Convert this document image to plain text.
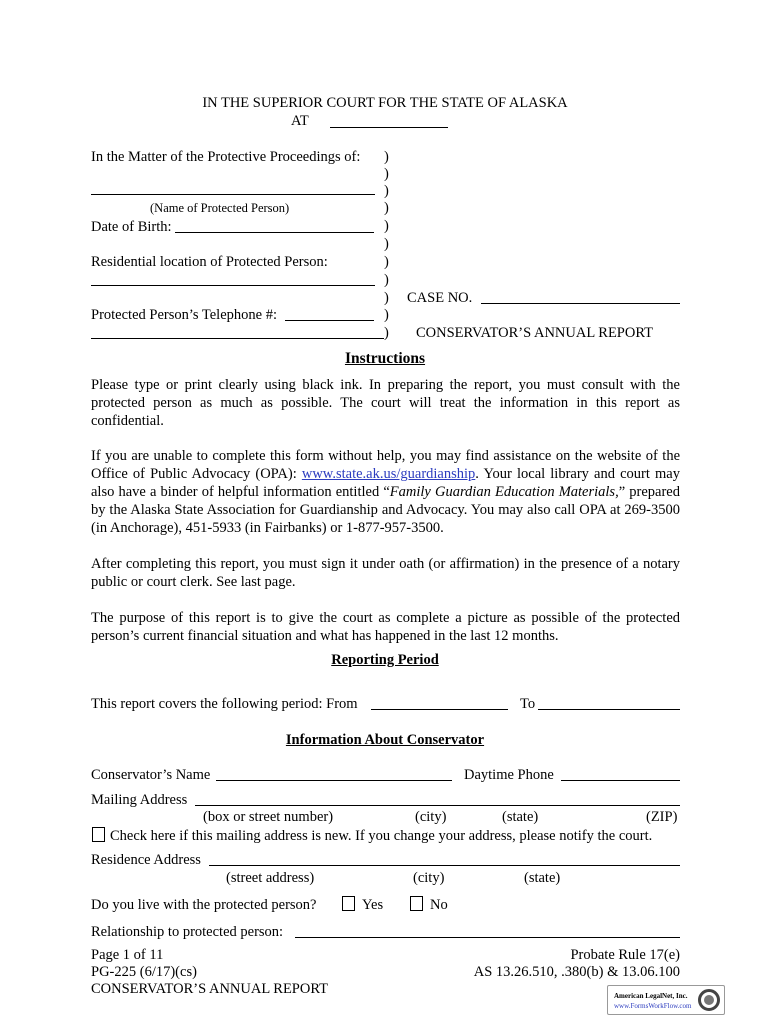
IN THE SUPERIOR COURT FOR THE STATE OF ALASKA
AT
In the Matter of the Protective Proceedings of:
(Name of Protected Person)
Date of Birth:
Residential location of Protected Person:
Protected Person’s Telephone #:
)
)
)
)
)
)
)
)
)
)
)
CASE NO.
CONSERVATOR’S ANNUAL REPORT
Instructions
Please type or print clearly using black ink. In preparing the report, you must consult with the protected person as much as possible. The court will treat the information in this report as confidential.
If you are unable to complete this form without help, you may find assistance on the website of the Office of Public Advocacy (OPA): www.state.ak.us/guardianship. Your local library and court may also have a binder of helpful information entitled “Family Guardian Education Materials,” prepared by the Alaska State Association for Guardianship and Advocacy. You may also call OPA at 269-3500 (in Anchorage), 451-5933 (in Fairbanks) or 1-877-957-3500.
After completing this report, you must sign it under oath (or affirmation) in the presence of a notary public or court clerk. See last page.
The purpose of this report is to give the court as complete a picture as possible of the protected person’s current financial situation and what has happened in the last 12 months.
Reporting Period
This report covers the following period: From	To
Information About Conservator
Conservator’s Name	Daytime Phone
Mailing Address
(box or street number)	(city)	(state)	(ZIP)
Check here if this mailing address is new. If you change your address, please notify the court.
Residence Address
(street address)	(city)	(state)
Do you live with the protected person?	Yes	No
Relationship to protected person:
Page 1 of 11
PG-225 (6/17)(cs)
CONSERVATOR’S ANNUAL REPORT
Probate Rule 17(e)
AS 13.26.510, .380(b) & 13.06.100
American LegalNet, Inc.
www.FormsWorkFlow.com
